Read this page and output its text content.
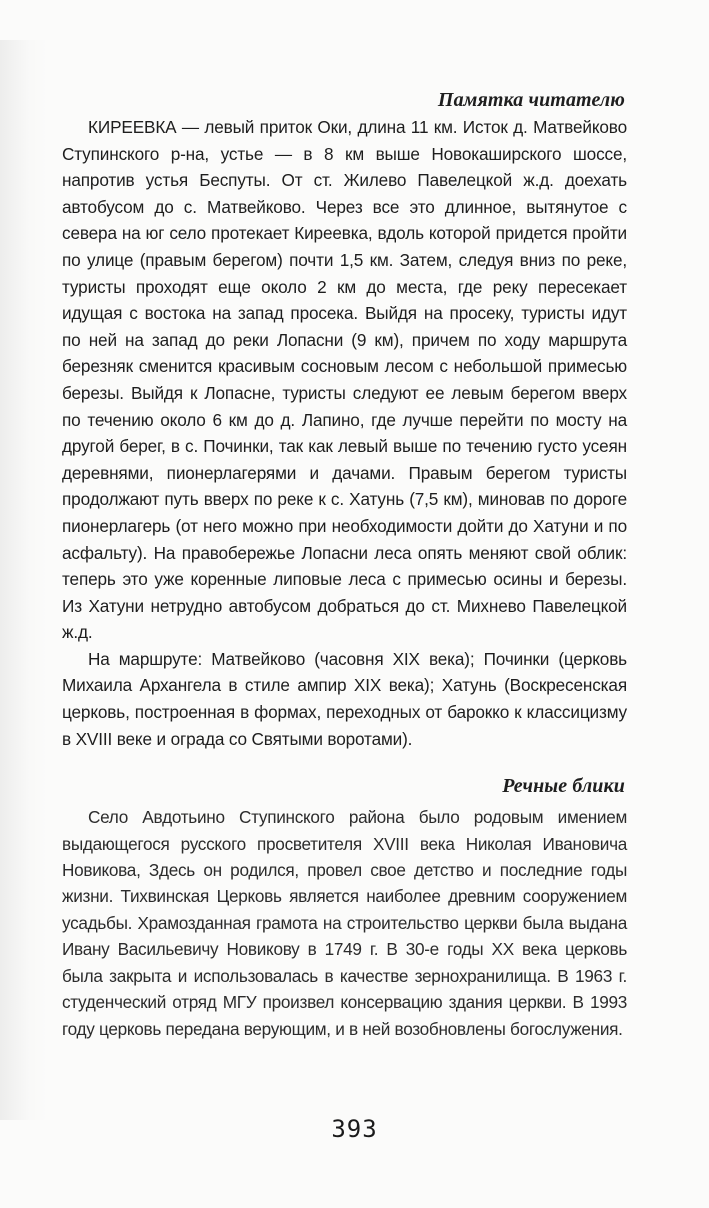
Памятка читателю

КИРЕЕВКА — левый приток Оки, длина 11 км. Исток д. Матвейково Ступинского р-на, устье — в 8 км выше Новокаширского шоссе, напротив устья Беспуты. От ст. Жилево Павелецкой ж.д. доехать автобусом до с. Матвейково. Через все это длинное, вытянутое с севера на юг село протекает Киреевка, вдоль которой придется пройти по улице (правым берегом) почти 1,5 км. Затем, следуя вниз по реке, туристы проходят еще около 2 км до места, где реку пересекает идущая с востока на запад просека. Выйдя на просеку, туристы идут по ней на запад до реки Лопасни (9 км), причем по ходу маршрута березняк сменится красивым сосновым лесом с небольшой примесью березы. Выйдя к Лопасне, туристы следуют ее левым берегом вверх по течению около 6 км до д. Лапино, где лучше перейти по мосту на другой берег, в с. Починки, так как левый выше по течению густо усеян деревнями, пионерлагерями и дачами. Правым берегом туристы продолжают путь вверх по реке к с. Хатунь (7,5 км), миновав по дороге пионерлагерь (от него можно при необходимости дойти до Хатуни и по асфальту). На правобережье Лопасни леса опять меняют свой облик: теперь это уже коренные липовые леса с примесью осины и березы. Из Хатуни нетрудно автобусом добраться до ст. Михнево Павелецкой ж.д.

На маршруте: Матвейково (часовня XIX века); Починки (церковь Михаила Архангела в стиле ампир XIX века); Хатунь (Воскресенская церковь, построенная в формах, переходных от барокко к классицизму в XVIII веке и ограда со Святыми воротами).

Речные блики

Село Авдотьино Ступинского района было родовым имением выдающегося русского просветителя XVIII века Николая Ивановича Новикова, Здесь он родился, провел свое детство и последние годы жизни. Тихвинская Церковь является наиболее древним сооружением усадьбы. Храмозданная грамота на строительство церкви была выдана Ивану Васильевичу Новикову в 1749 г. В 30-е годы XX века церковь была закрыта и использовалась в качестве зернохранилища. В 1963 г. студенческий отряд МГУ произвел консервацию здания церкви. В 1993 году церковь передана верующим, и в ней возобновлены богослужения.

393
